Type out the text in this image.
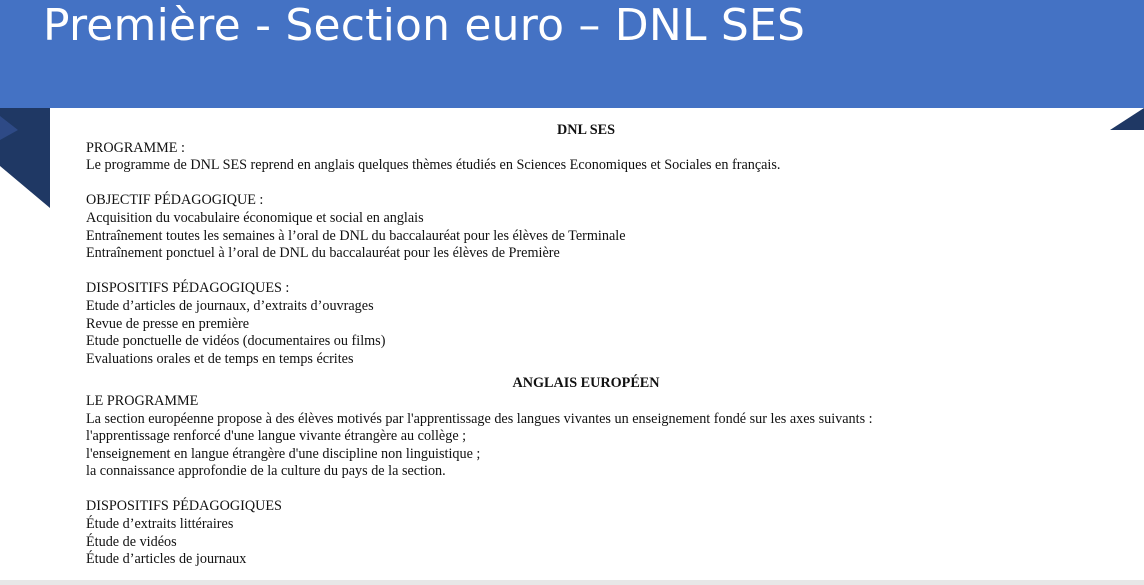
Première - Section euro – DNL SES
DNL SES
PROGRAMME :
Le programme de DNL SES reprend en anglais quelques thèmes étudiés en Sciences Economiques et Sociales en français.
OBJECTIF PÉDAGOGIQUE :
Acquisition du vocabulaire économique et social en anglais
Entraînement toutes les semaines à l’oral de DNL du baccalauréat pour les élèves de Terminale
Entraînement ponctuel à l’oral de DNL du baccalauréat pour les élèves de Première
DISPOSITIFS PÉDAGOGIQUES :
Etude d’articles de journaux, d’extraits d’ouvrages
Revue de presse en première
Etude ponctuelle de vidéos (documentaires ou films)
Evaluations orales et de temps en temps écrites
ANGLAIS EUROPÉEN
LE PROGRAMME
La section européenne propose à des élèves motivés par l'apprentissage des langues vivantes un enseignement fondé sur les axes suivants :
l'apprentissage renforcé d'une langue vivante étrangère au collège ;
l'enseignement en langue étrangère d'une discipline non linguistique ;
la connaissance approfondie de la culture du pays de la section.
DISPOSITIFS PÉDAGOGIQUES
Étude d’extraits littéraires
Étude de vidéos
Étude d’articles de journaux
